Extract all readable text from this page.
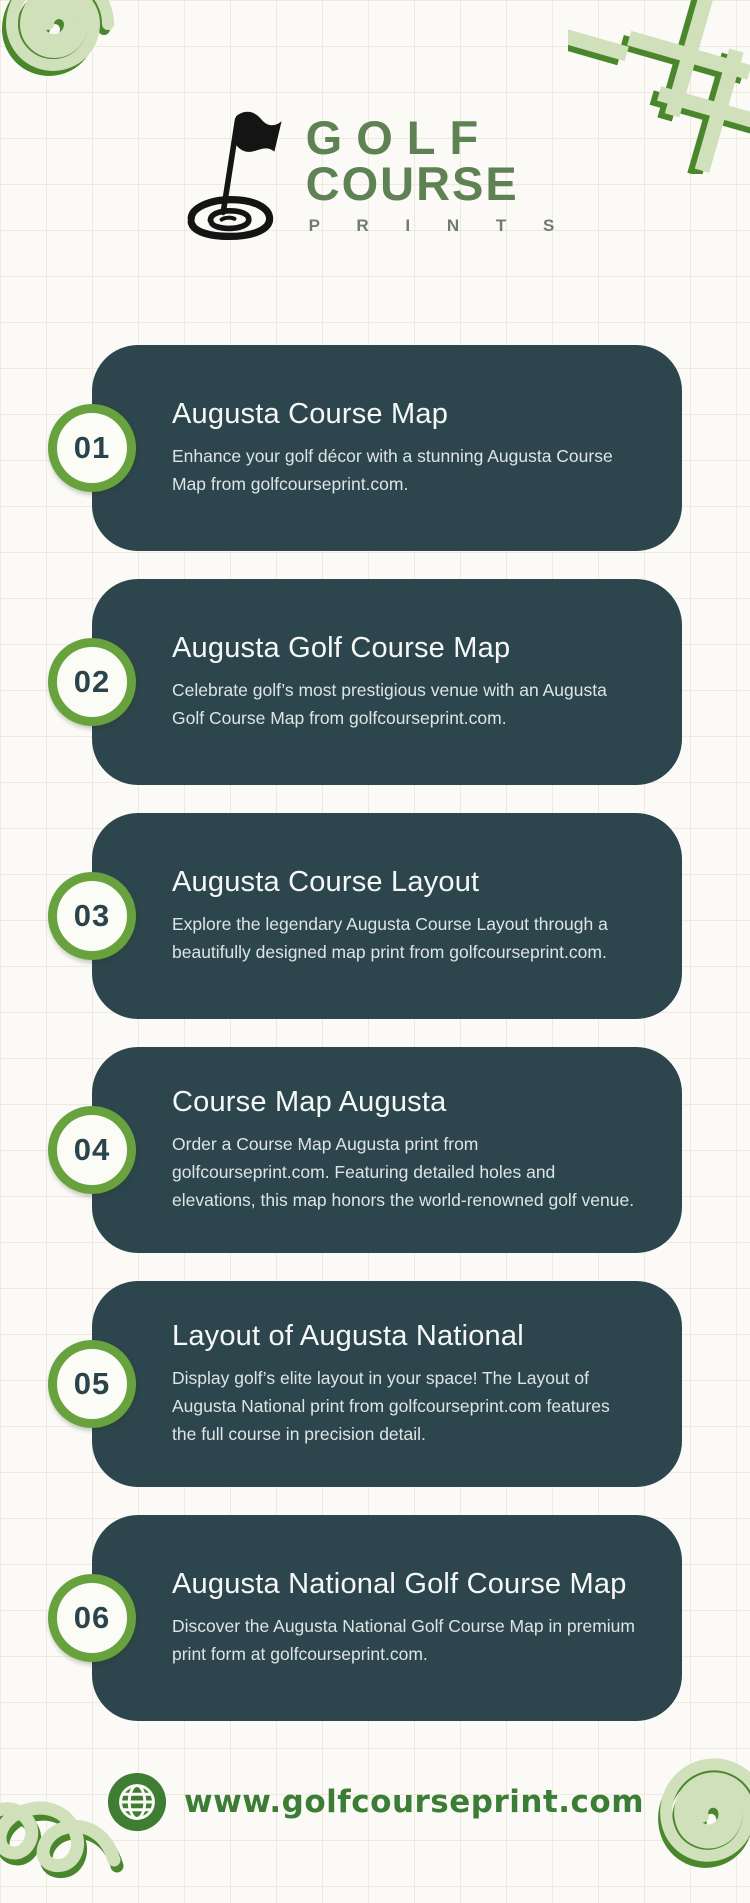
GOLF
COURSE
P R I N T S
01
Augusta Course Map

Enhance your golf décor with a stunning Augusta Course Map from golfcourseprint.com.

02
Augusta Golf Course Map

Celebrate golf’s most prestigious venue with an Augusta Golf Course Map from golfcourseprint.com.

03
Augusta Course Layout

Explore the legendary Augusta Course Layout through a beautifully designed map print from golfcourseprint.com.

04
Course Map Augusta

Order a Course Map Augusta print from golfcourseprint.com. Featuring detailed holes and elevations, this map honors the world-renowned golf venue.

05
Layout of Augusta National

Display golf’s elite layout in your space! The Layout of Augusta National print from golfcourseprint.com features the full course in precision detail.

06
Augusta National Golf Course Map

Discover the Augusta National Golf Course Map in premium print form at golfcourseprint.com.

www.golfcourseprint.com
